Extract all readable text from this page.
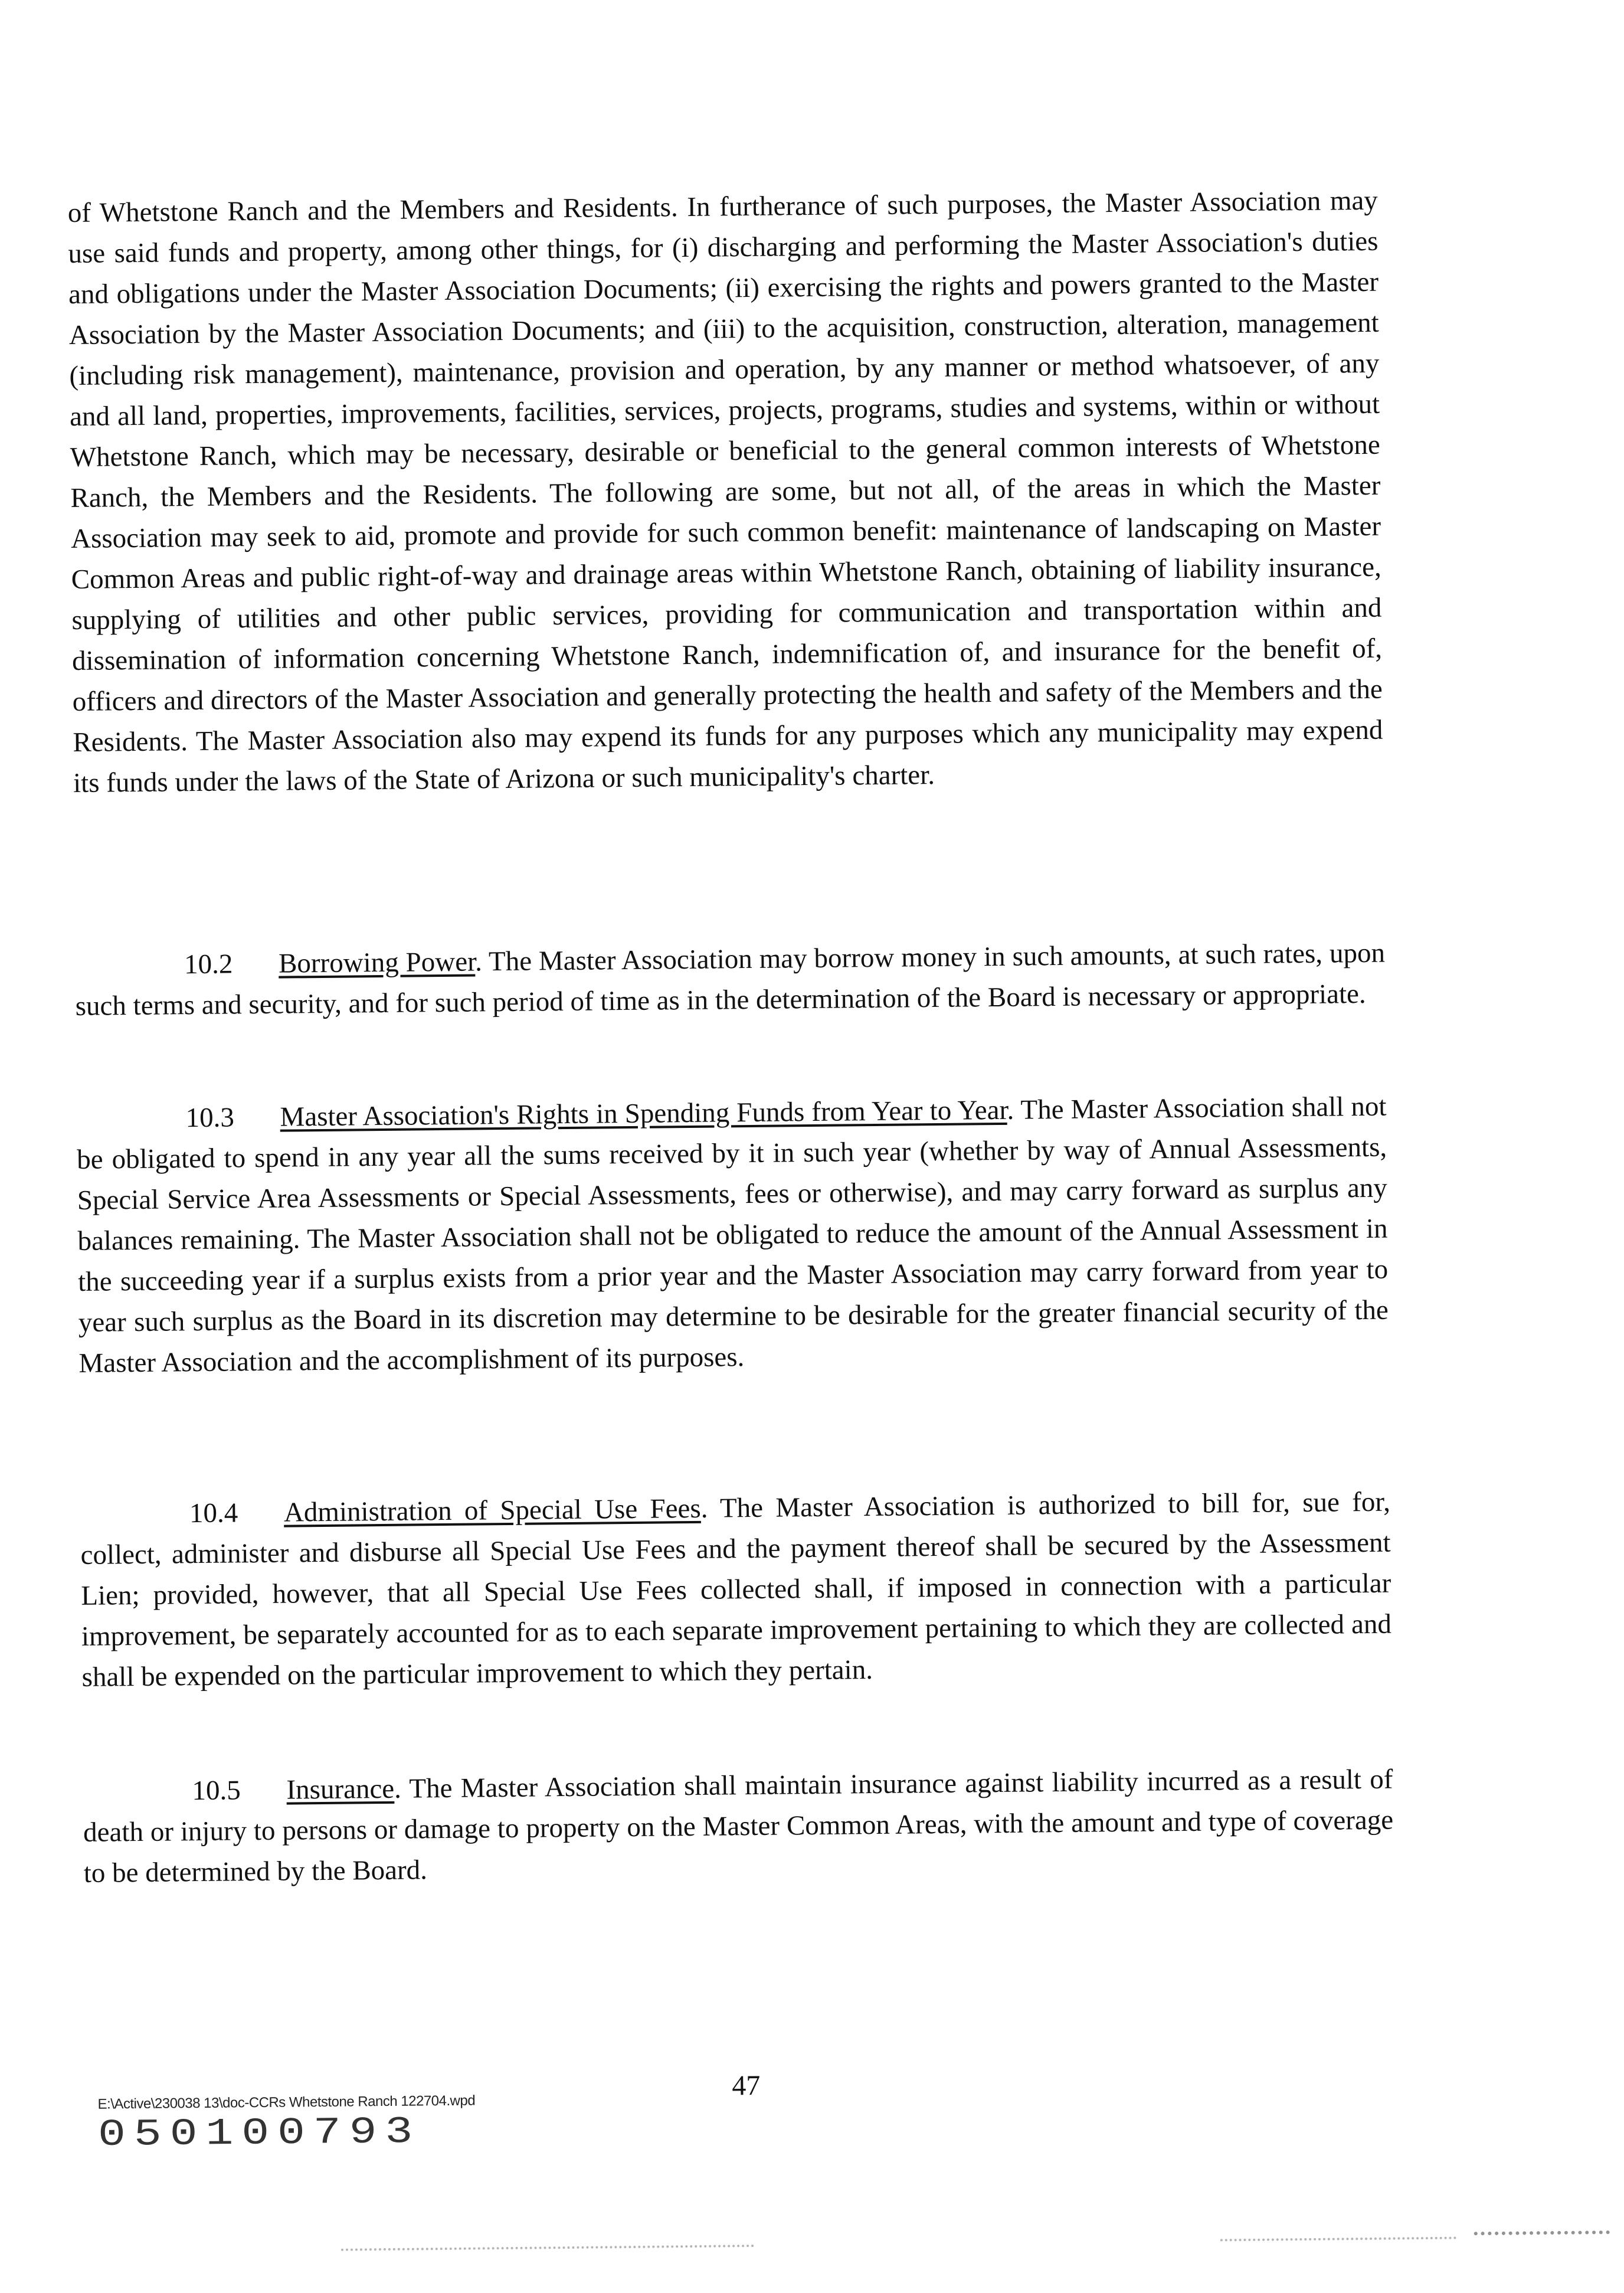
of Whetstone Ranch and the Members and Residents. In furtherance of such purposes, the Master Association may use said funds and property, among other things, for (i) discharging and performing the Master Association's duties and obligations under the Master Association Documents; (ii) exercising the rights and powers granted to the Master Association by the Master Association Documents; and (iii) to the acquisition, construction, alteration, management (including risk management), maintenance, provision and operation, by any manner or method whatsoever, of any and all land, properties, improvements, facilities, services, projects, programs, studies and systems, within or without Whetstone Ranch, which may be necessary, desirable or beneficial to the general common interests of Whetstone Ranch, the Members and the Residents. The following are some, but not all, of the areas in which the Master Association may seek to aid, promote and provide for such common benefit: maintenance of landscaping on Master Common Areas and public right-of-way and drainage areas within Whetstone Ranch, obtaining of liability insurance, supplying of utilities and other public services, providing for communication and transportation within and dissemination of information concerning Whetstone Ranch, indemnification of, and insurance for the benefit of, officers and directors of the Master Association and generally protecting the health and safety of the Members and the Residents. The Master Association also may expend its funds for any purposes which any municipality may expend its funds under the laws of the State of Arizona or such municipality's charter.

10.2 Borrowing Power. The Master Association may borrow money in such amounts, at such rates, upon such terms and security, and for such period of time as in the determination of the Board is necessary or appropriate.

10.3 Master Association's Rights in Spending Funds from Year to Year. The Master Association shall not be obligated to spend in any year all the sums received by it in such year (whether by way of Annual Assessments, Special Service Area Assessments or Special Assessments, fees or otherwise), and may carry forward as surplus any balances remaining. The Master Association shall not be obligated to reduce the amount of the Annual Assessment in the succeeding year if a surplus exists from a prior year and the Master Association may carry forward from year to year such surplus as the Board in its discretion may determine to be desirable for the greater financial security of the Master Association and the accomplishment of its purposes.

10.4 Administration of Special Use Fees. The Master Association is authorized to bill for, sue for, collect, administer and disburse all Special Use Fees and the payment thereof shall be secured by the Assessment Lien; provided, however, that all Special Use Fees collected shall, if imposed in connection with a particular improvement, be separately accounted for as to each separate improvement pertaining to which they are collected and shall be expended on the particular improvement to which they pertain.

10.5 Insurance. The Master Association shall maintain insurance against liability incurred as a result of death or injury to persons or damage to property on the Master Common Areas, with the amount and type of coverage to be determined by the Board.

E:\Active\230038 13\doc-CCRs Whetstone Ranch 122704.wpd
47
050100793
